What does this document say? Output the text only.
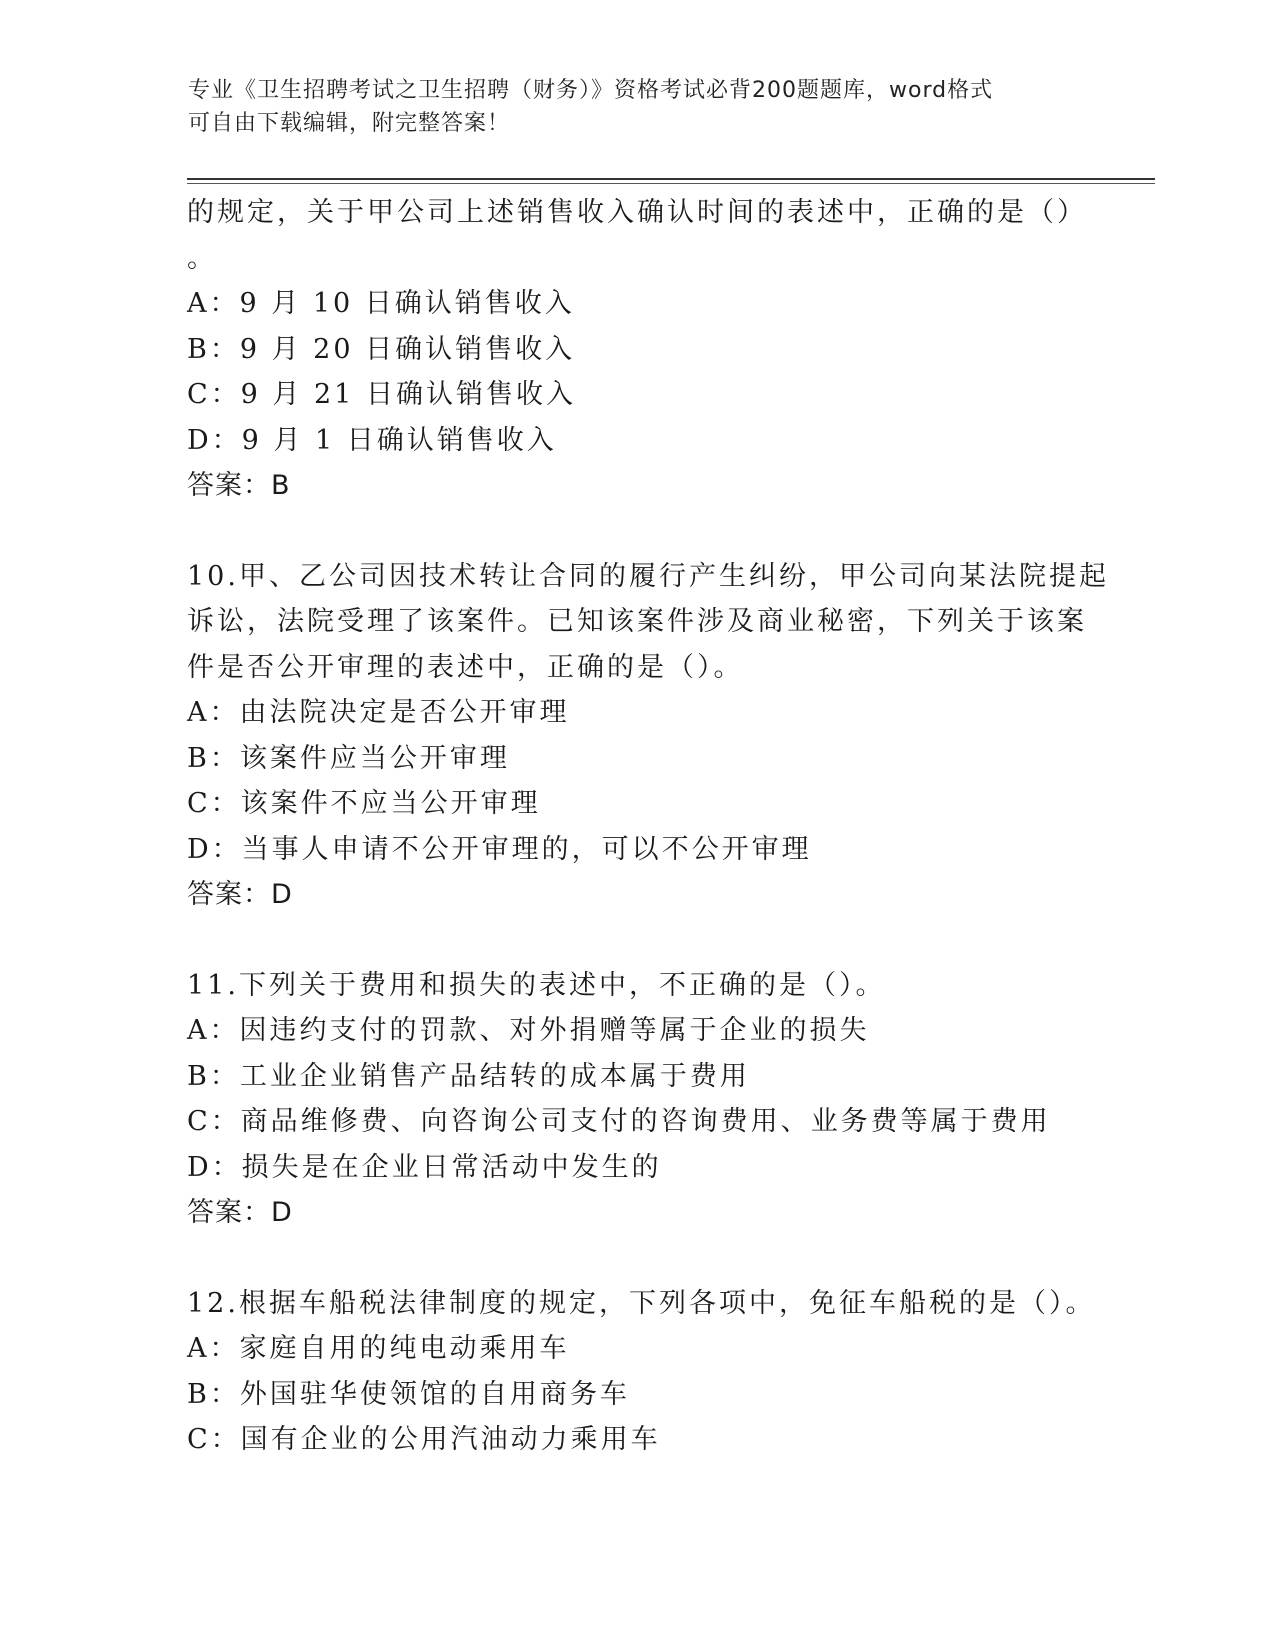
专业《卫生招聘考试之卫生招聘（财务）》资格考试必背200题题库，word格式
可自由下载编辑，附完整答案！
的规定，关于甲公司上述销售收入确认时间的表述中，正确的是（）
。
A：9 月 10 日确认销售收入
B：9 月 20 日确认销售收入
C：9 月 21 日确认销售收入
D：9 月 1 日确认销售收入
答案：B
10.甲、乙公司因技术转让合同的履行产生纠纷，甲公司向某法院提起
诉讼，法院受理了该案件。已知该案件涉及商业秘密，下列关于该案
件是否公开审理的表述中，正确的是（）。
A：由法院决定是否公开审理
B：该案件应当公开审理
C：该案件不应当公开审理
D：当事人申请不公开审理的，可以不公开审理
答案：D
11.下列关于费用和损失的表述中，不正确的是（）。
A：因违约支付的罚款、对外捐赠等属于企业的损失
B：工业企业销售产品结转的成本属于费用
C：商品维修费、向咨询公司支付的咨询费用、业务费等属于费用
D：损失是在企业日常活动中发生的
答案：D
12.根据车船税法律制度的规定，下列各项中，免征车船税的是（）。
A：家庭自用的纯电动乘用车
B：外国驻华使领馆的自用商务车
C：国有企业的公用汽油动力乘用车
